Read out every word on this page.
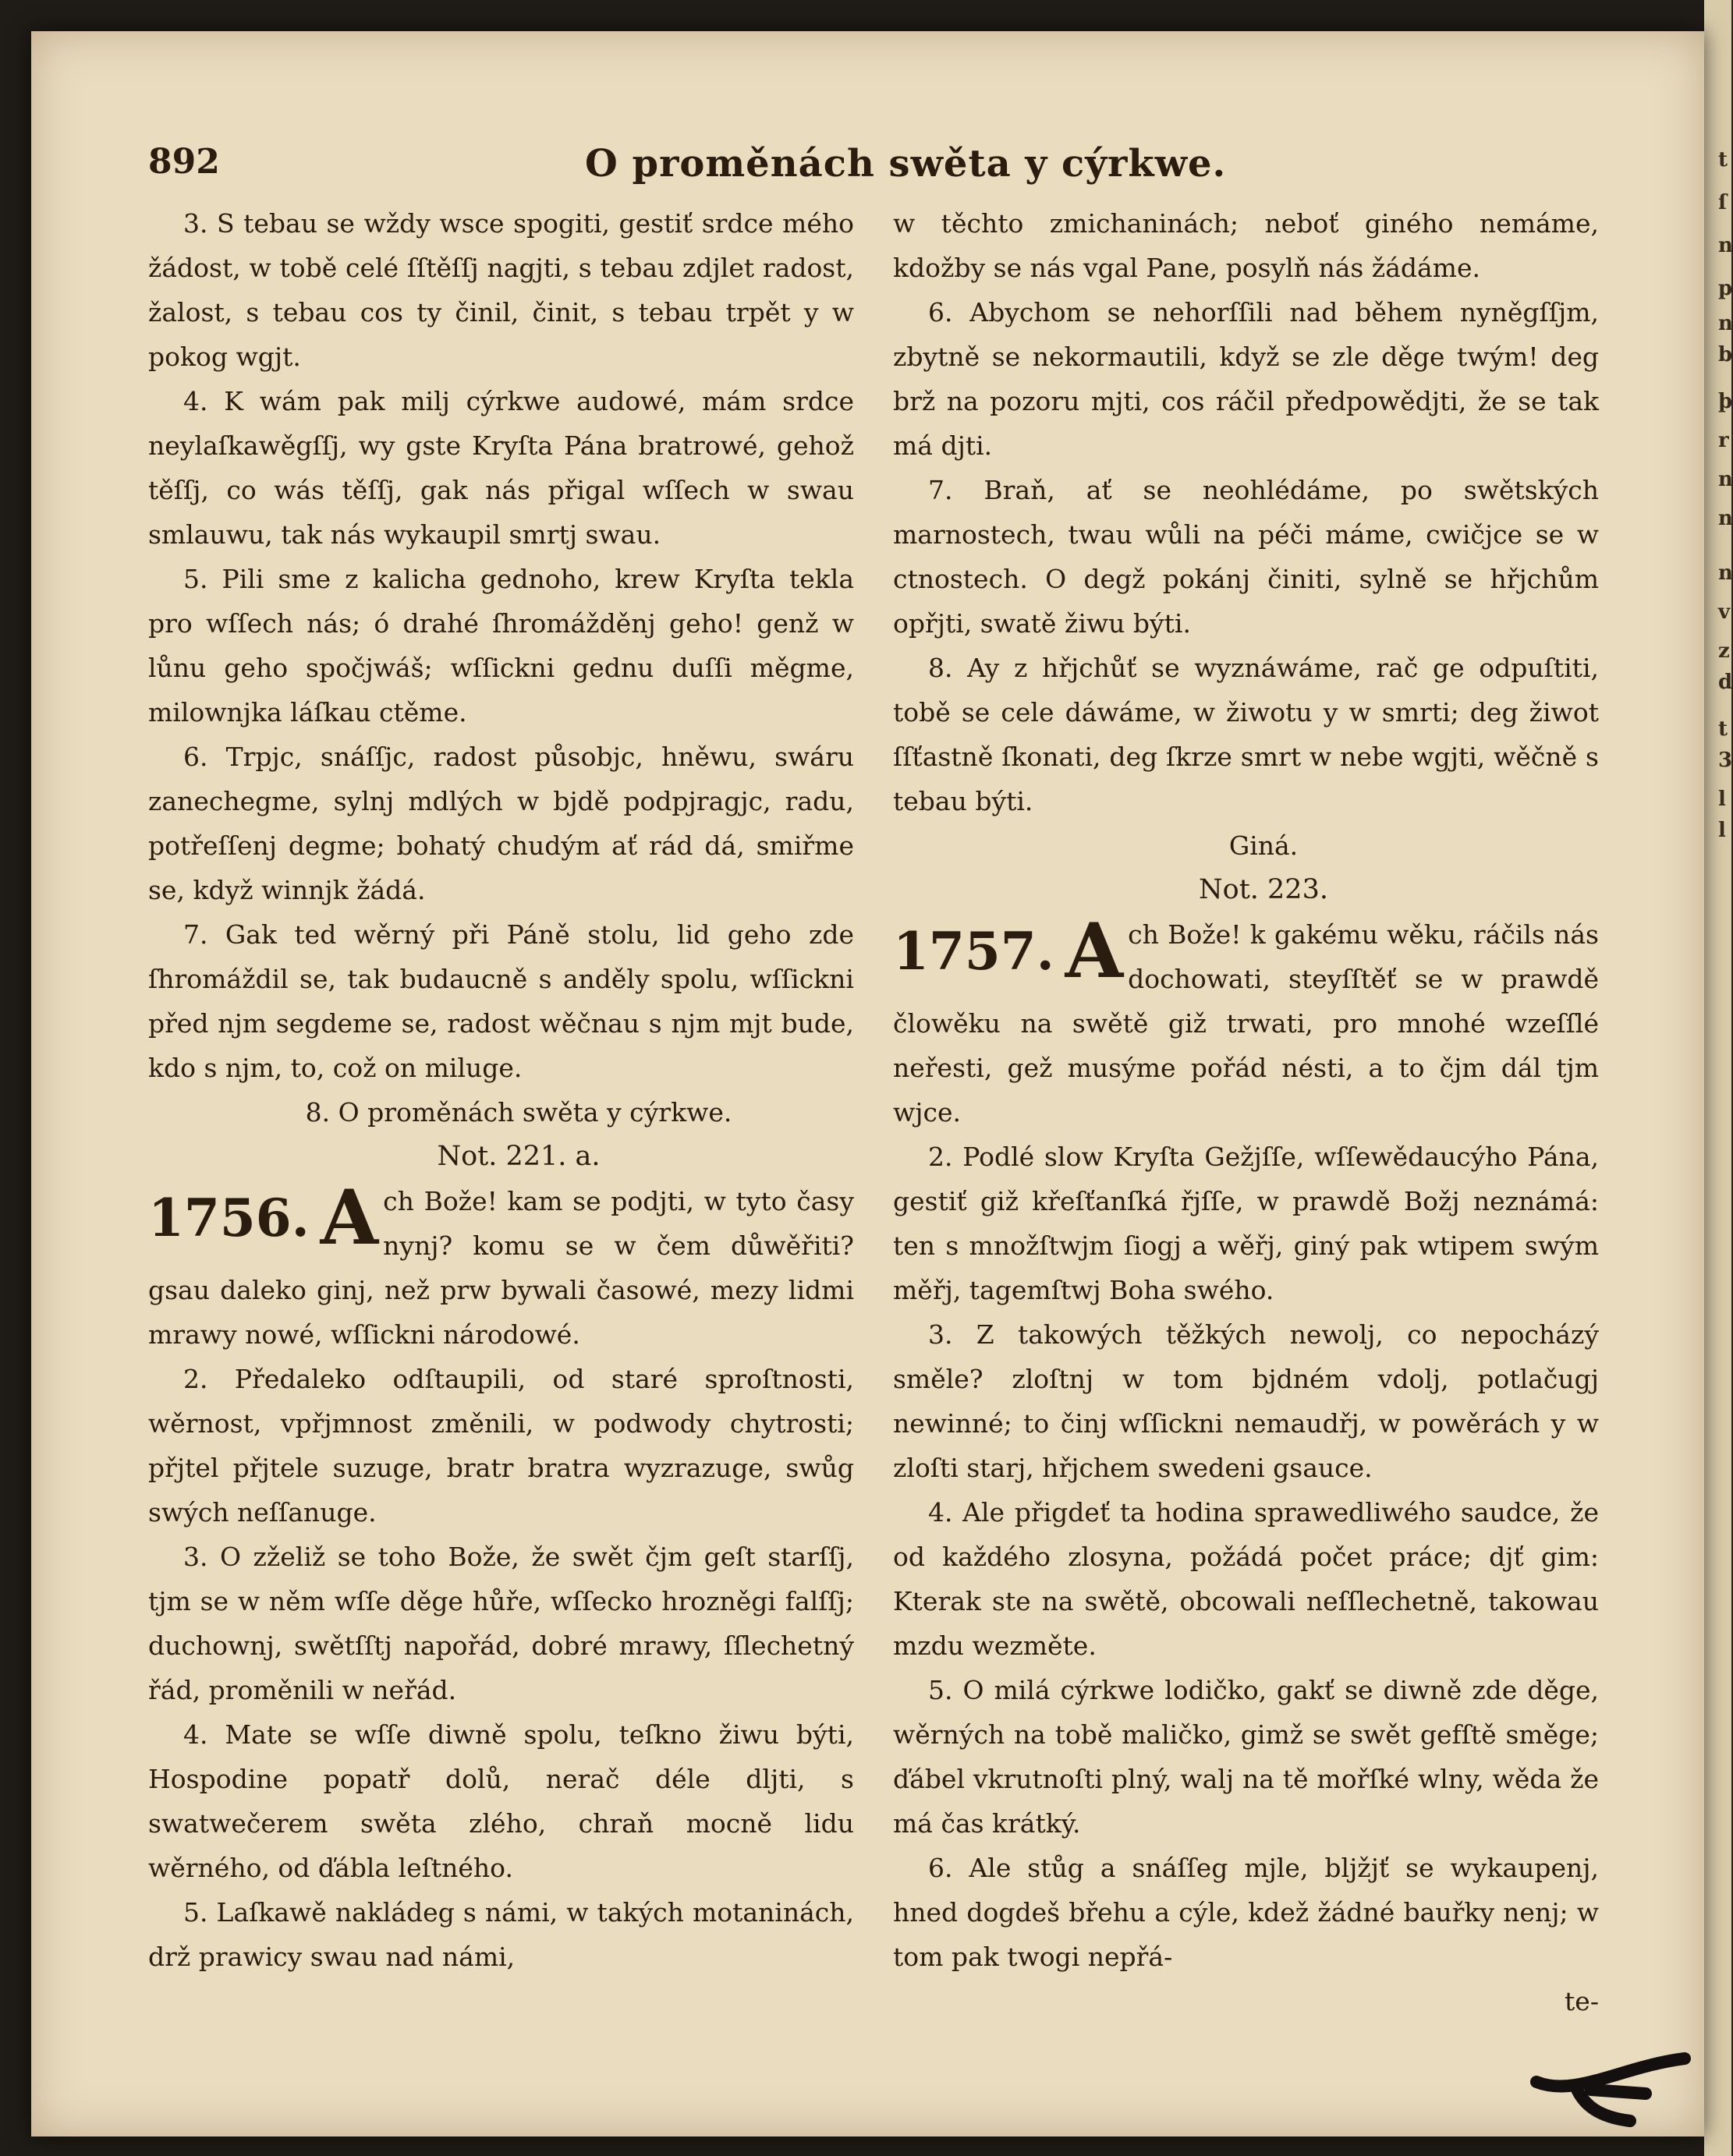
892	O proměnách swěta y cýrkwe.

3. S tebau se wždy wsce spogiti, gestiť srdce mého žádost, w tobě celé ſſtěſſj nagjti, s tebau zdjlet radost, žalost, s tebau cos ty činil, činit, s tebau trpět y w pokog wgjt.

4. K wám pak milj cýrkwe audowé, mám srdce neylaſkawěgſſj, wy gste Kryſta Pána bratrowé, gehož těſſj, co wás těſſj, gak nás přigal wſſech w swau smlauwu, tak nás wykaupil smrtj swau.

5. Pili sme z kalicha gednoho, krew Kryſta tekla pro wſſech nás; ó drahé ſhromážděnj geho! genž w lůnu geho spočjwáš; wſſickni gednu duſſi měgme, milownjka láſkau ctěme.

6. Trpjc, snáſſjc, radost působjc, hněwu, swáru zanechegme, sylnj mdlých w bjdě podpjragjc, radu, potřeſſenj degme; bohatý chudým ať rád dá, smiřme se, když winnjk žádá.

7. Gak ted wěrný při Páně stolu, lid geho zde ſhromáždil se, tak budaucně s anděly spolu, wſſickni před njm segdeme se, radost wěčnau s njm mjt bude, kdo s njm, to, což on miluge.

8. O proměnách swěta y cýrkwe.

Not. 221. a.

1756. A ch Bože! kam se podjti, w tyto časy nynj? komu se w čem důwěřiti? gsau daleko ginj, než prw bywali časowé, mezy lidmi mrawy nowé, wſſickni národowé.

2. Předaleko odſtaupili, od staré sproſtnosti, wěrnost, vpřjmnost změnili, w podwody chytrosti; přjtel přjtele suzuge, bratr bratra wyzrazuge, swůg swých neſſanuge.

3. O zželiž se toho Bože, že swět čjm geſt starſſj, tjm se w něm wſſe děge hůře, wſſecko hrozněgi falſſj; duchownj, swětſſtj napořád, dobré mrawy, ſſlechetný řád, proměnili w neřád.

4. Mate se wſſe diwně spolu, teſkno žiwu býti, Hospodine popatř dolů, nerač déle dljti, s swatwečerem swěta zlého, chraň mocně lidu wěrného, od ďábla leſtného.

5. Laſkawě nakládeg s námi, w takých motaninách, drž prawicy swau nad námi,

w těchto zmichaninách; neboť giného nemáme, kdožby se nás vgal Pane, posylň nás žádáme.

6. Abychom se nehorſſili nad během nyněgſſjm, zbytně se nekormautili, když se zle děge twým! deg brž na pozoru mjti, cos ráčil předpowědjti, že se tak má djti.

7. Braň, ať se neohlédáme, po swětských marnostech, twau wůli na péči máme, cwičjce se w ctnostech. O degž pokánj činiti, sylně se hřjchům opřjti, swatě žiwu býti.

8. Ay z hřjchůť se wyznáwáme, rač ge odpuſtiti, tobě se cele dáwáme, w žiwotu y w smrti; deg žiwot ſſťastně ſkonati, deg ſkrze smrt w nebe wgjti, wěčně s tebau býti.

Giná.

Not. 223.

1757. A ch Bože! k gakému wěku, ráčils nás dochowati, steyſſtěť se w prawdě člowěku na swětě giž trwati, pro mnohé wzeſſlé neřesti, gež musýme pořád nésti, a to čjm dál tjm wjce.

2. Podlé slow Kryſta Gežjſſe, wſſewědaucýho Pána, gestiť giž křeſťanſká řjſſe, w prawdě Božj neznámá: ten s množſtwjm ſiogj a wěřj, giný pak wtipem swým měřj, tagemſtwj Boha swého.

3. Z takowých těžkých newolj, co nepocházý směle? zloſtnj w tom bjdném vdolj, potlačugj newinné; to činj wſſickni nemaudřj, w powěrách y w zloſti starj, hřjchem swedeni gsauce.

4. Ale přigdeť ta hodina sprawedliwého saudce, že od každého zlosyna, požádá počet práce; djť gim: Kterak ste na swětě, obcowali neſſlechetně, takowau mzdu wezměte.

5. O milá cýrkwe lodičko, gakť se diwně zde děge, wěrných na tobě maličko, gimž se swět gefſtě směge; ďábel vkrutnoſti plný, walj na tě mořſké wlny, wěda že má čas krátký.

6. Ale stůg a snáſſeg mjle, blјžjť se wykaupenj, hned dogdeš břehu a cýle, kdež žádné bauřky nenj; w tom pak twogi nepřá-

te-

t
ſ
n
p
n
b
þ
r
n
n
n
v
z
d
t
3
l
l
